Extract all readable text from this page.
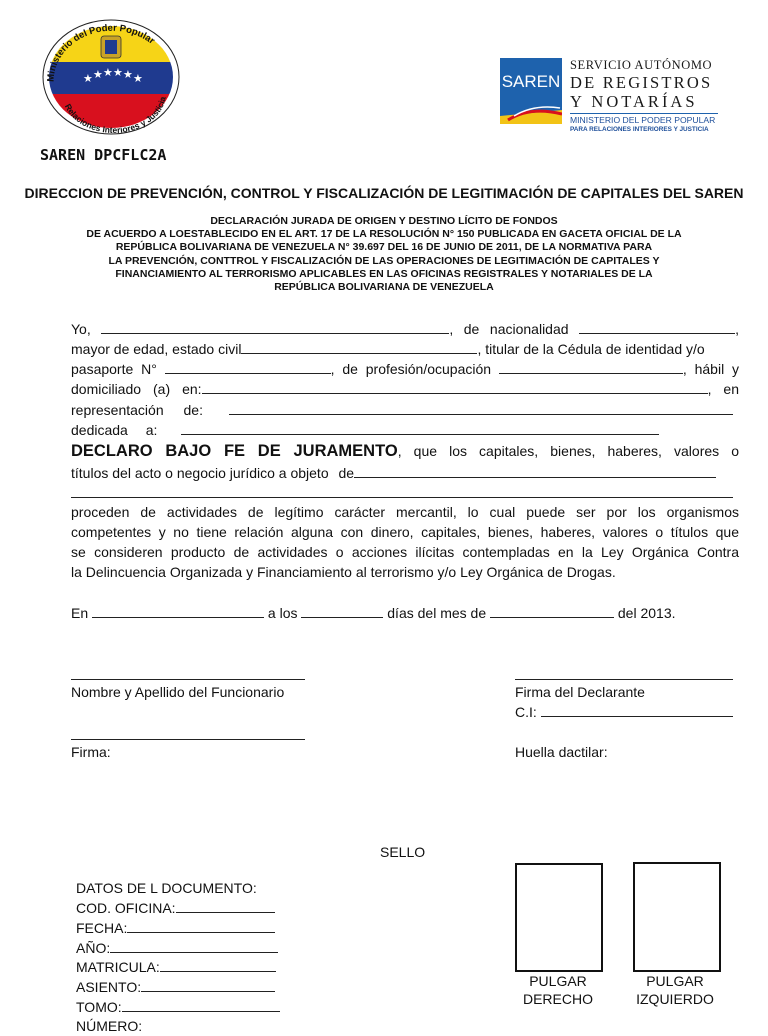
★ ★ ★ ★ ★ ★
Ministerio del Poder Popular
Relaciones Interiores y Justicia
SAREN DPCFLC2A
SAREN
SERVICIO AUTÓNOMO
DE REGISTROS
Y NOTARÍAS
MINISTERIO DEL PODER POPULAR
PARA RELACIONES INTERIORES Y JUSTICIA
DIRECCION DE PREVENCIÓN, CONTROL Y FISCALIZACIÓN DE LEGITIMACIÓN DE CAPITALES DEL SAREN
DECLARACIÓN JURADA DE ORIGEN Y DESTINO LÍCITO DE FONDOS
DE ACUERDO A LOESTABLECIDO EN EL ART. 17 DE LA RESOLUCIÓN N° 150 PUBLICADA EN GACETA OFICIAL DE LA
REPÚBLICA BOLIVARIANA DE VENEZUELA N° 39.697 DEL 16 DE JUNIO DE 2011, DE LA NORMATIVA PARA
LA PREVENCIÓN, CONTTROL Y FISCALIZACIÓN DE LAS OPERACIONES DE LEGITIMACIÓN DE CAPITALES Y
FINANCIAMIENTO AL TERRORISMO APLICABLES EN LAS OFICINAS REGISTRALES Y NOTARIALES DE LA
REPÚBLICA BOLIVARIANA DE VENEZUELA
Yo,	, de nacionalidad	,
mayor de edad, estado civil	, titular de la Cédula de identidad y/o
pasaporte N°	, de profesión/ocupación	, hábil y
domiciliado (a) en:	, en
representación de:
dedicada a:
DECLARO BAJO FE DE JURAMENTO, que los capitales, bienes, haberes, valores o
títulos del acto o negocio jurídico a objeto de
proceden de actividades de legítimo carácter mercantil, lo cual puede ser por los organismos
competentes y no tiene relación alguna con dinero, capitales, bienes, haberes, valores o títulos que
se consideren producto de actividades o acciones ilícitas contempladas en la Ley Orgánica Contra
la Delincuencia Organizada y Financiamiento al terrorismo y/o Ley Orgánica de Drogas.
En	a los	días del mes de	del 2013.
Nombre y Apellido del Funcionario	Firma del Declarante
C.I:
Firma:	Huella dactilar:
SELLO
DATOS DE L DOCUMENTO:
COD. OFICINA:
FECHA:
AÑO:
MATRICULA:
ASIENTO:
TOMO:
NÚMERO:
PULGAR
DERECHO
PULGAR
IZQUIERDO
